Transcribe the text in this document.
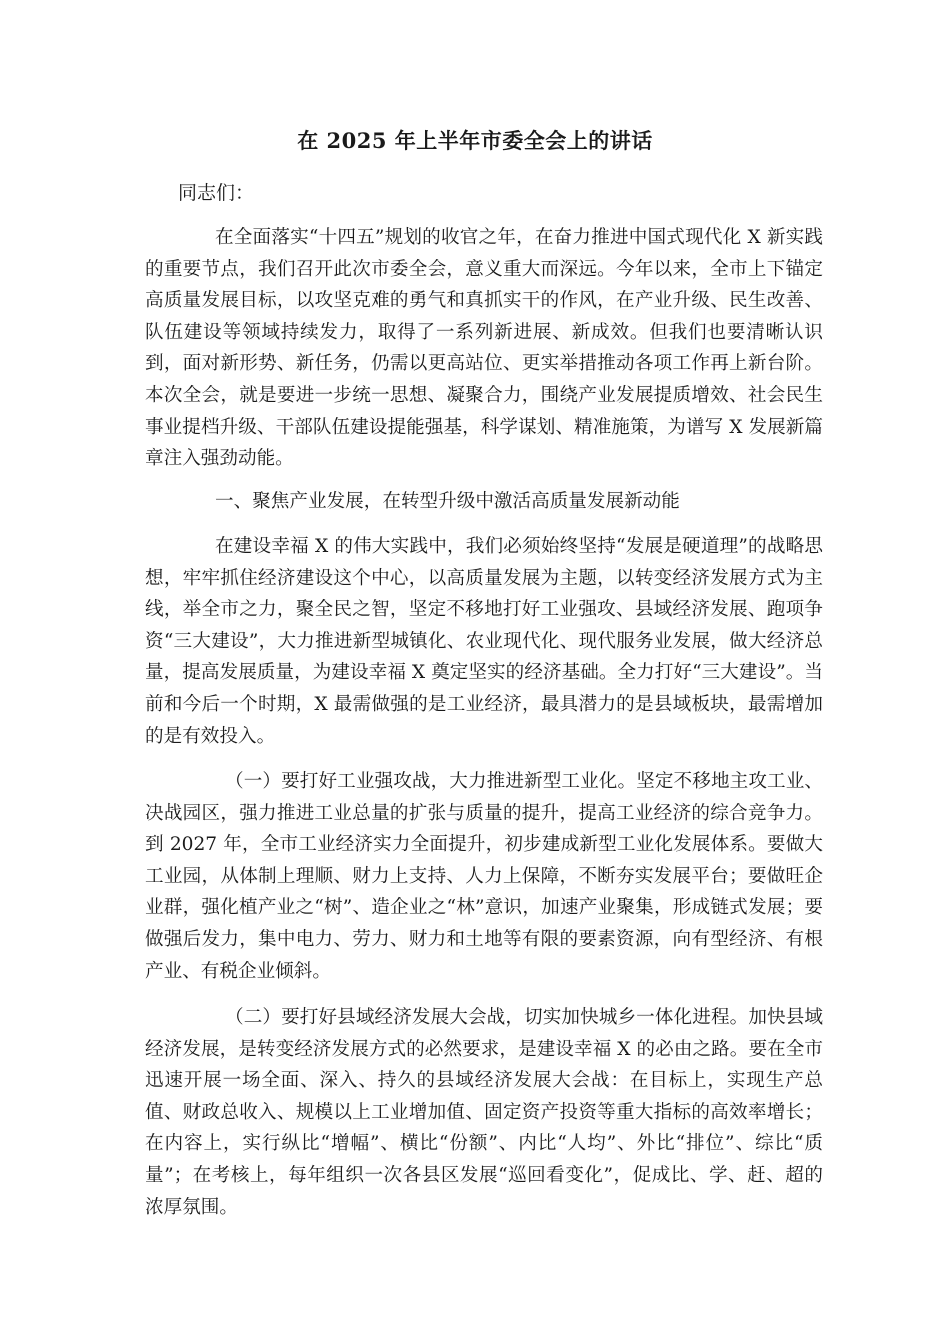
在 2025 年上半年市委全会上的讲话
同志们：

在全面落实“十四五”规划的收官之年，在奋力推进中国式现代化 X 新实践的重要节点，我们召开此次市委全会，意义重大而深远。今年以来，全市上下锚定高质量发展目标，以攻坚克难的勇气和真抓实干的作风，在产业升级、民生改善、队伍建设等领域持续发力，取得了一系列新进展、新成效。但我们也要清晰认识到，面对新形势、新任务，仍需以更高站位、更实举措推动各项工作再上新台阶。本次全会，就是要进一步统一思想、凝聚合力，围绕产业发展提质增效、社会民生事业提档升级、干部队伍建设提能强基，科学谋划、精准施策，为谱写 X 发展新篇章注入强劲动能。

一、聚焦产业发展，在转型升级中激活高质量发展新动能

在建设幸福 X 的伟大实践中，我们必须始终坚持“发展是硬道理”的战略思想，牢牢抓住经济建设这个中心，以高质量发展为主题，以转变经济发展方式为主线，举全市之力，聚全民之智，坚定不移地打好工业强攻、县域经济发展、跑项争资“三大建设”，大力推进新型城镇化、农业现代化、现代服务业发展，做大经济总量，提高发展质量，为建设幸福 X 奠定坚实的经济基础。全力打好“三大建设”。当前和今后一个时期，X 最需做强的是工业经济，最具潜力的是县域板块，最需增加的是有效投入。

（一）要打好工业强攻战，大力推进新型工业化。坚定不移地主攻工业、决战园区，强力推进工业总量的扩张与质量的提升，提高工业经济的综合竞争力。到 2027 年，全市工业经济实力全面提升，初步建成新型工业化发展体系。要做大工业园，从体制上理顺、财力上支持、人力上保障，不断夯实发展平台；要做旺企业群，强化植产业之“树”、造企业之“林”意识，加速产业聚集，形成链式发展；要做强后发力，集中电力、劳力、财力和土地等有限的要素资源，向有型经济、有根产业、有税企业倾斜。

（二）要打好县域经济发展大会战，切实加快城乡一体化进程。加快县域经济发展，是转变经济发展方式的必然要求，是建设幸福 X 的必由之路。要在全市迅速开展一场全面、深入、持久的县域经济发展大会战：在目标上，实现生产总值、财政总收入、规模以上工业增加值、固定资产投资等重大指标的高效率增长；在内容上，实行纵比“增幅”、横比“份额”、内比“人均”、外比“排位”、综比“质量”；在考核上，每年组织一次各县区发展“巡回看变化”，促成比、学、赶、超的浓厚氛围。
